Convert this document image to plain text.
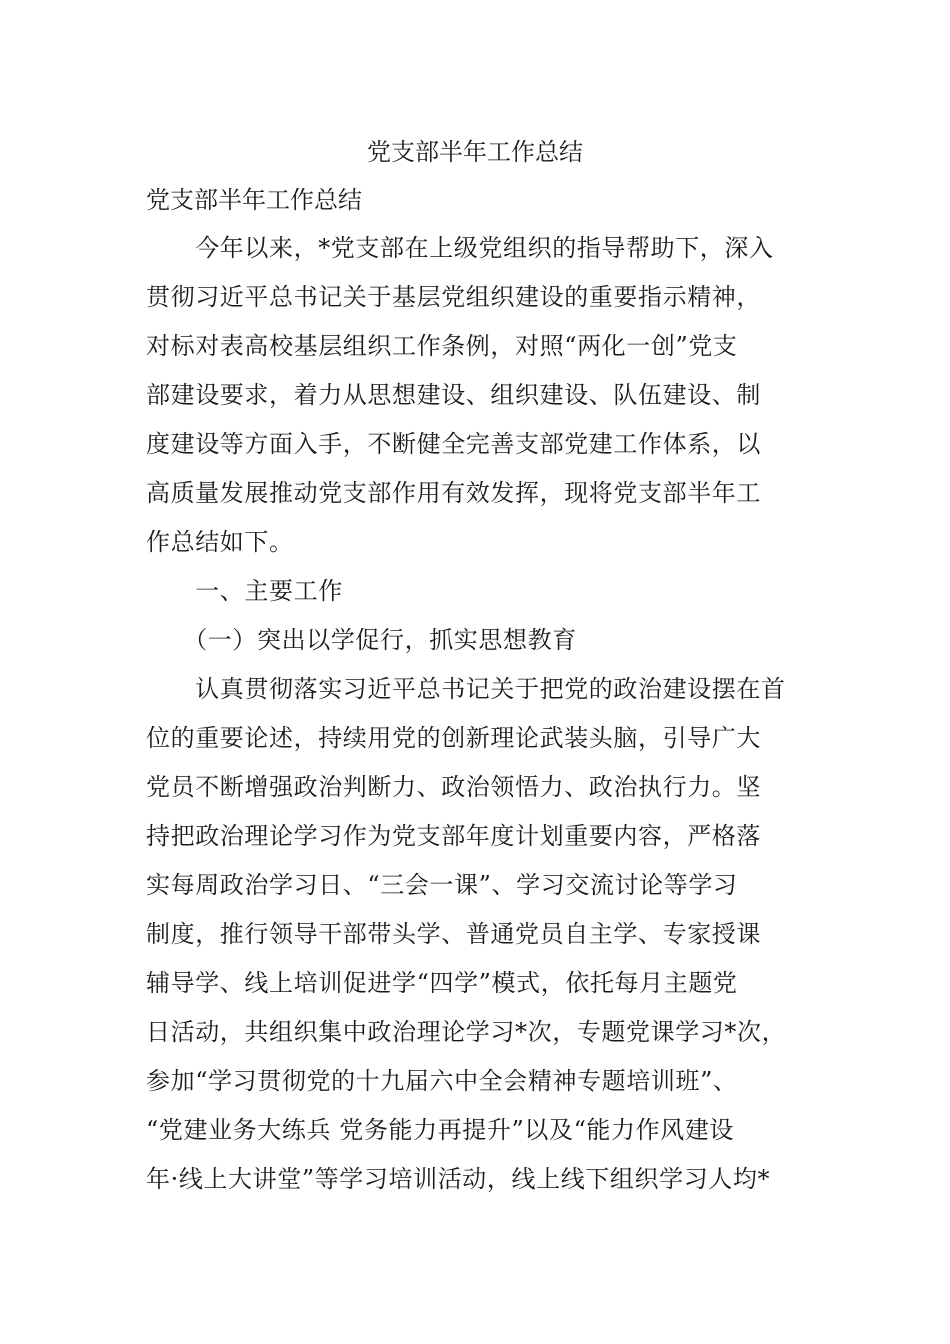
党支部半年工作总结
党支部半年工作总结

　　今年以来，*党支部在上级党组织的指导帮助下，深入

贯彻习近平总书记关于基层党组织建设的重要指示精神，

对标对表高校基层组织工作条例，对照“两化一创”党支

部建设要求，着力从思想建设、组织建设、队伍建设、制

度建设等方面入手，不断健全完善支部党建工作体系，以

高质量发展推动党支部作用有效发挥，现将党支部半年工

作总结如下。

　　一、主要工作

　　（一）突出以学促行，抓实思想教育

　　认真贯彻落实习近平总书记关于把党的政治建设摆在首

位的重要论述，持续用党的创新理论武装头脑，引导广大

党员不断增强政治判断力、政治领悟力、政治执行力。坚

持把政治理论学习作为党支部年度计划重要内容，严格落

实每周政治学习日、“三会一课”、学习交流讨论等学习

制度，推行领导干部带头学、普通党员自主学、专家授课

辅导学、线上培训促进学“四学”模式，依托每月主题党

日活动，共组织集中政治理论学习*次，专题党课学习*次，

参加“学习贯彻党的十九届六中全会精神专题培训班”、

“党建业务大练兵 党务能力再提升”以及“能力作风建设

年·线上大讲堂”等学习培训活动，线上线下组织学习人均*
